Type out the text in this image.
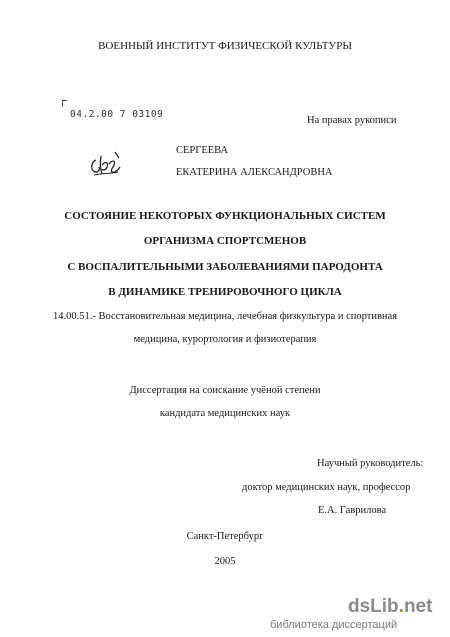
ВОЕННЫЙ ИНСТИТУТ ФИЗИЧЕСКОЙ КУЛЬТУРЫ
04.2.00 7 03109
На правах рукописи
СЕРГЕЕВА
ЕКАТЕРИНА АЛЕКСАНДРОВНА
СОСТОЯНИЕ НЕКОТОРЫХ ФУНКЦИОНАЛЬНЫХ СИСТЕМ
ОРГАНИЗМА СПОРТСМЕНОВ
С ВОСПАЛИТЕЛЬНЫМИ ЗАБОЛЕВАНИЯМИ ПАРОДОНТА
В ДИНАМИКЕ ТРЕНИРОВОЧНОГО ЦИКЛА
14.00.51.- Восстановительная медицина, лечебная физкультура и спортивная
медицина, курортология и физиотерапия
Диссертация на соискание учёной степени
кандидата медицинских наук
Научный руководитель:
доктор медицинских наук, профессор
Е.А. Гаврилова
Санкт-Петербург
2005
dsLib.net
библиотека диссертаций
